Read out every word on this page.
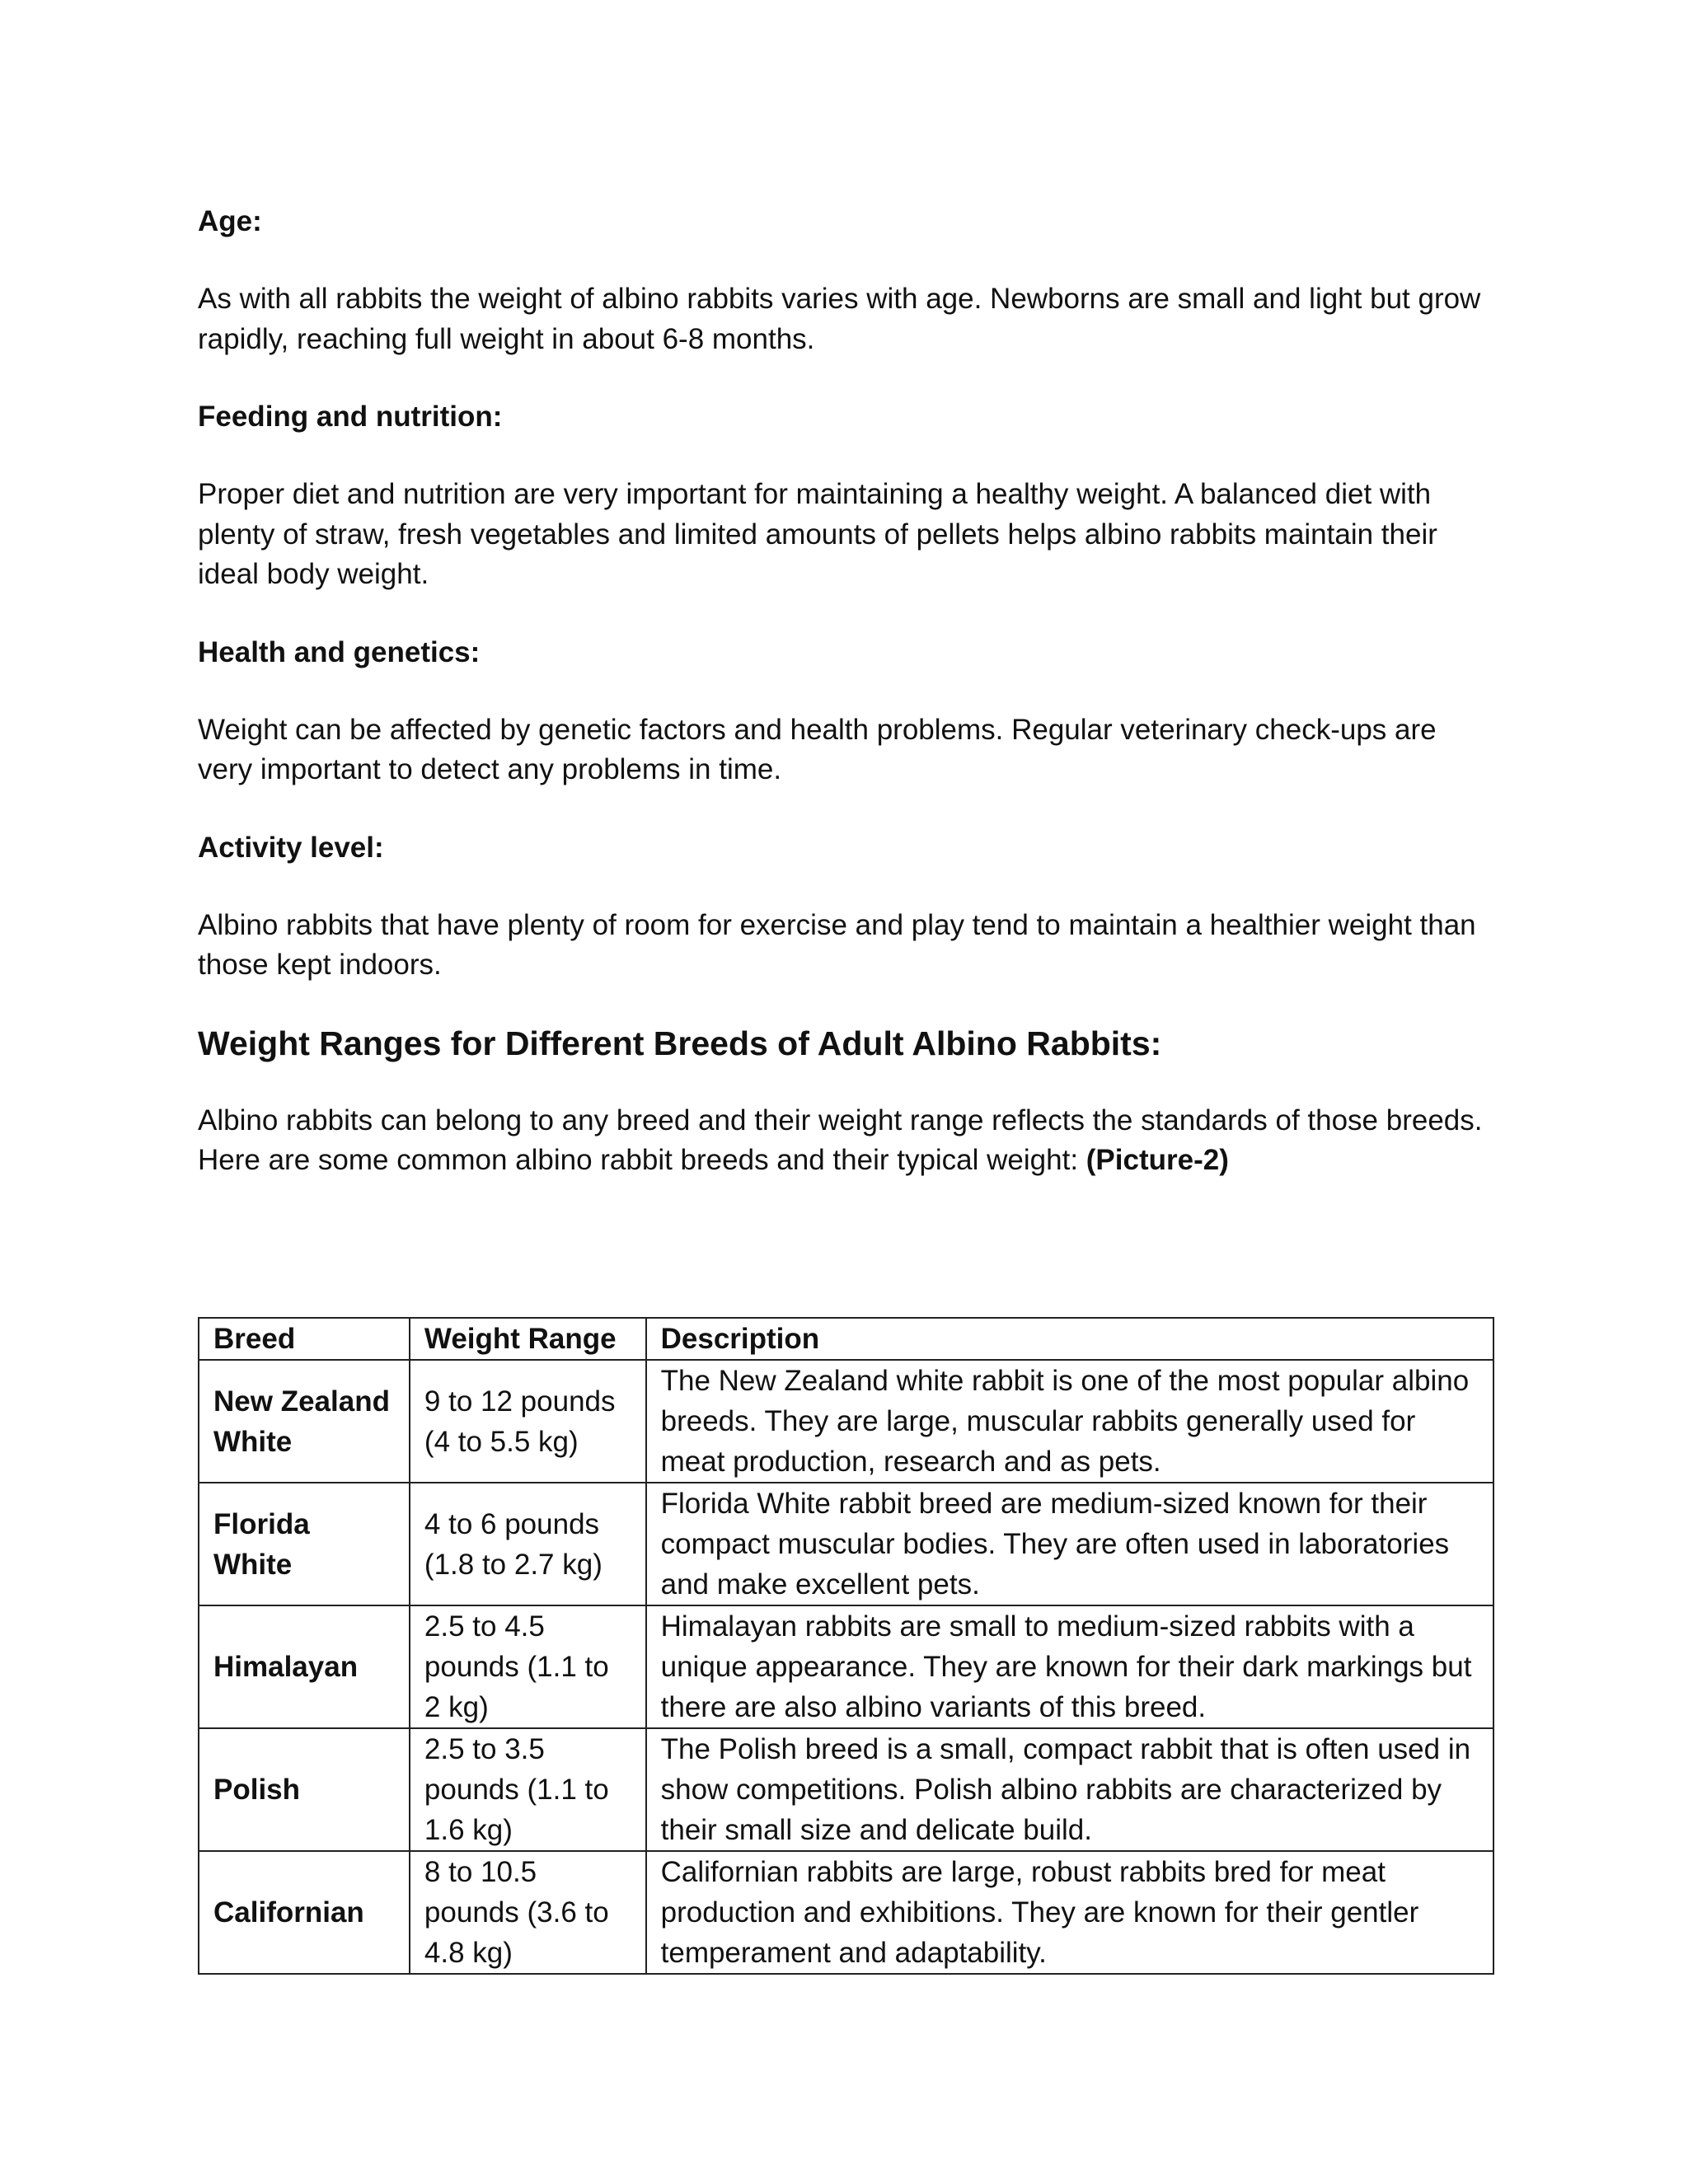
Age:

As with all rabbits the weight of albino rabbits varies with age. Newborns are small and light but grow rapidly, reaching full weight in about 6-8 months.

Feeding and nutrition:

Proper diet and nutrition are very important for maintaining a healthy weight. A balanced diet with plenty of straw, fresh vegetables and limited amounts of pellets helps albino rabbits maintain their ideal body weight.

Health and genetics:

Weight can be affected by genetic factors and health problems. Regular veterinary check-ups are very important to detect any problems in time.

Activity level:

Albino rabbits that have plenty of room for exercise and play tend to maintain a healthier weight than those kept indoors.

Weight Ranges for Different Breeds of Adult Albino Rabbits:

Albino rabbits can belong to any breed and their weight range reflects the standards of those breeds. Here are some common albino rabbit breeds and their typical weight: (Picture-2)

Breed	Weight Range	Description
New Zealand White	9 to 12 pounds (4 to 5.5 kg)	The New Zealand white rabbit is one of the most popular albino breeds. They are large, muscular rabbits generally used for meat production, research and as pets.
Florida White	4 to 6 pounds (1.8 to 2.7 kg)	Florida White rabbit breed are medium-sized known for their compact muscular bodies. They are often used in laboratories and make excellent pets.
Himalayan	2.5 to 4.5 pounds (1.1 to 2 kg)	Himalayan rabbits are small to medium-sized rabbits with a unique appearance. They are known for their dark markings but there are also albino variants of this breed.
Polish	2.5 to 3.5 pounds (1.1 to 1.6 kg)	The Polish breed is a small, compact rabbit that is often used in show competitions. Polish albino rabbits are characterized by their small size and delicate build.
Californian	8 to 10.5 pounds (3.6 to 4.8 kg)	Californian rabbits are large, robust rabbits bred for meat production and exhibitions. They are known for their gentler temperament and adaptability.
